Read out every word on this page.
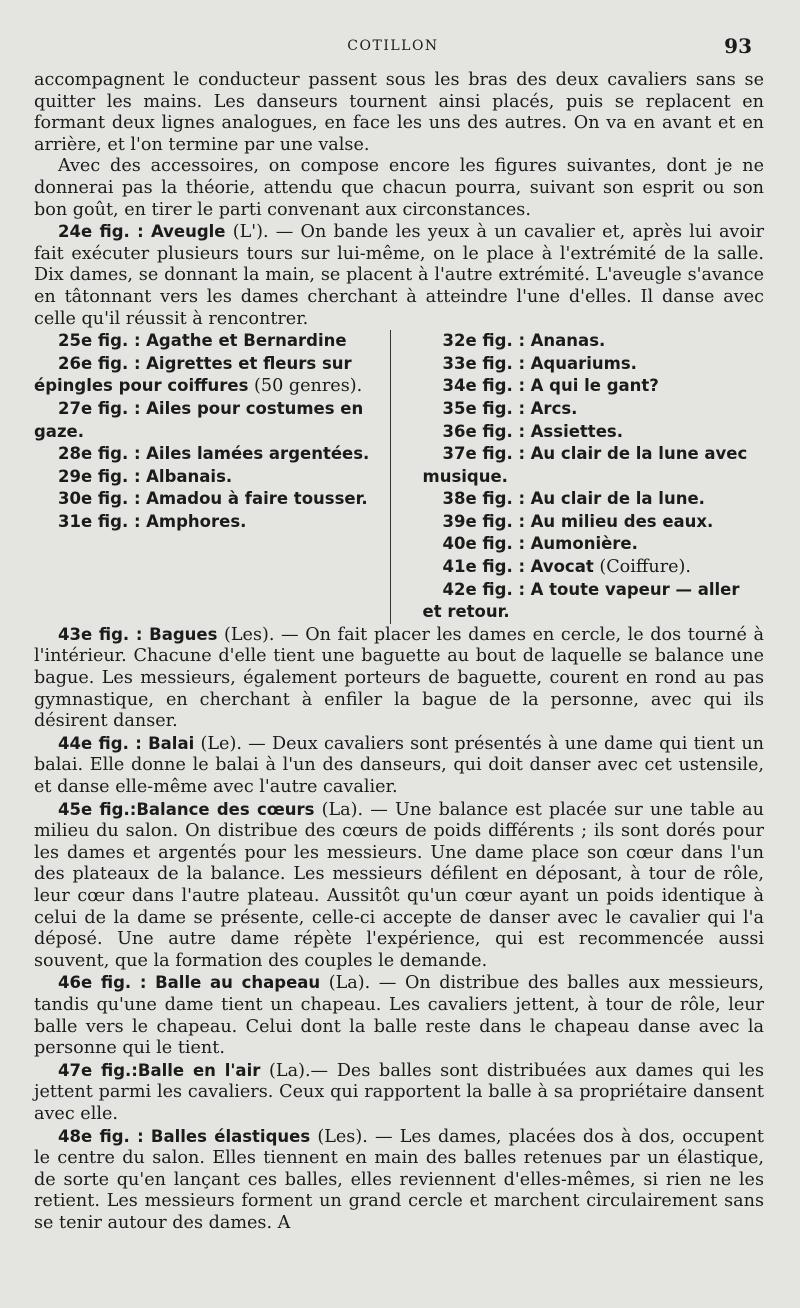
COTILLON	93

accompagnent le conducteur passent sous les bras des deux cavaliers sans se quitter les mains. Les danseurs tournent ainsi placés, puis se replacent en formant deux lignes analogues, en face les uns des autres. On va en avant et en arrière, et l'on termine par une valse.

Avec des accessoires, on compose encore les figures suivantes, dont je ne donnerai pas la théorie, attendu que chacun pourra, suivant son esprit ou son bon goût, en tirer le parti convenant aux circonstances.

24e fig. : Aveugle (L'). — On bande les yeux à un cavalier et, après lui avoir fait exécuter plusieurs tours sur lui-même, on le place à l'extrémité de la salle. Dix dames, se donnant la main, se placent à l'autre extrémité. L'aveugle s'avance en tâtonnant vers les dames cherchant à atteindre l'une d'elles. Il danse avec celle qu'il réussit à rencontrer.

25e fig. : Agathe et Bernardine
26e fig. : Aigrettes et fleurs sur épingles pour coiffures (50 genres).
27e fig. : Ailes pour costumes en gaze.
28e fig. : Ailes lamées argentées.
29e fig. : Albanais.
30e fig. : Amadou à faire tousser.
31e fig. : Amphores.
32e fig. : Ananas.
33e fig. : Aquariums.
34e fig. : A qui le gant?
35e fig. : Arcs.
36e fig. : Assiettes.
37e fig. : Au clair de la lune avec musique.
38e fig. : Au clair de la lune.
39e fig. : Au milieu des eaux.
40e fig. : Aumonière.
41e fig. : Avocat (Coiffure).
42e fig. : A toute vapeur — aller et retour.

43e fig. : Bagues (Les). — On fait placer les dames en cercle, le dos tourné à l'intérieur. Chacune d'elle tient une baguette au bout de laquelle se balance une bague. Les messieurs, également porteurs de baguette, courent en rond au pas gymnastique, en cherchant à enfiler la bague de la personne, avec qui ils désirent danser.

44e fig. : Balai (Le). — Deux cavaliers sont présentés à une dame qui tient un balai. Elle donne le balai à l'un des danseurs, qui doit danser avec cet ustensile, et danse elle-même avec l'autre cavalier.

45e fig.:Balance des cœurs (La). — Une balance est placée sur une table au milieu du salon. On distribue des cœurs de poids différents ; ils sont dorés pour les dames et argentés pour les messieurs. Une dame place son cœur dans l'un des plateaux de la balance. Les messieurs défilent en déposant, à tour de rôle, leur cœur dans l'autre plateau. Aussitôt qu'un cœur ayant un poids identique à celui de la dame se présente, celle-ci accepte de danser avec le cavalier qui l'a déposé. Une autre dame répète l'expérience, qui est recommencée aussi souvent, que la formation des couples le demande.

46e fig. : Balle au chapeau (La). — On distribue des balles aux messieurs, tandis qu'une dame tient un chapeau. Les cavaliers jettent, à tour de rôle, leur balle vers le chapeau. Celui dont la balle reste dans le chapeau danse avec la personne qui le tient.

47e fig.:Balle en l'air (La).— Des balles sont distribuées aux dames qui les jettent parmi les cavaliers. Ceux qui rapportent la balle à sa propriétaire dansent avec elle.

48e fig. : Balles élastiques (Les). — Les dames, placées dos à dos, occupent le centre du salon. Elles tiennent en main des balles retenues par un élastique, de sorte qu'en lançant ces balles, elles reviennent d'elles-mêmes, si rien ne les retient. Les messieurs forment un grand cercle et marchent circulairement sans se tenir autour des dames. A
